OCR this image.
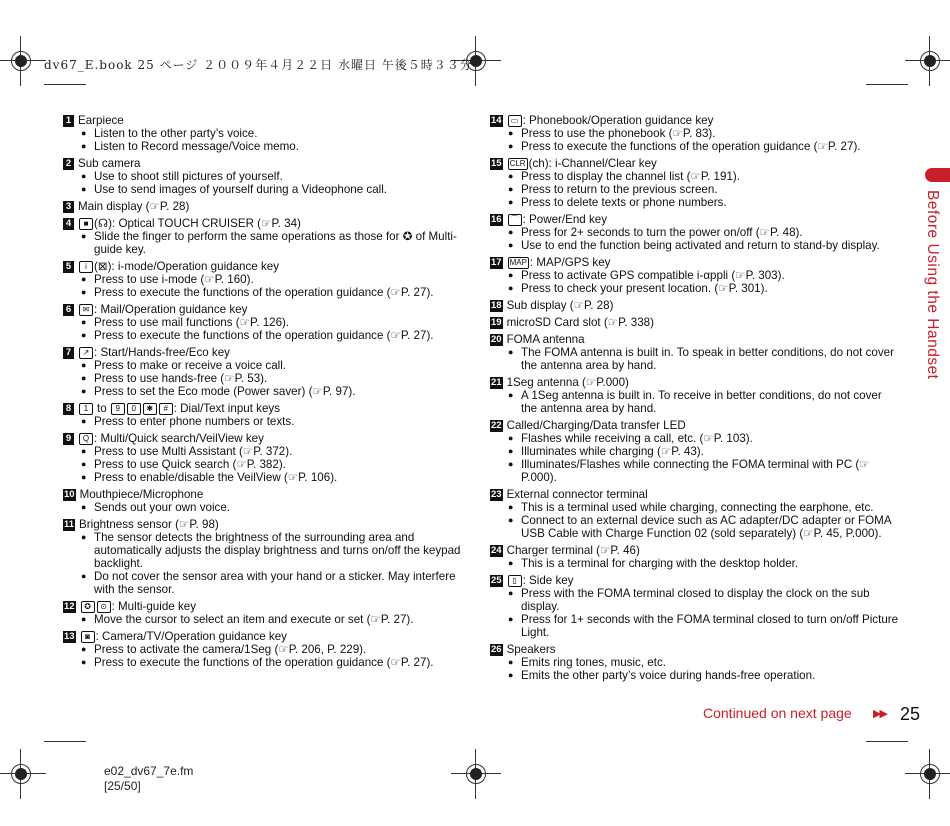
dv67_E.book 25 ページ ２００９年４月２２日 水曜日 午後５時３３分
1 Earpiece
● Listen to the other party’s voice.
● Listen to Record message/Voice memo.
2 Sub camera
● Use to shoot still pictures of yourself.
● Use to send images of yourself during a Videophone call.
3 Main display (☞P. 28)
4	■ (☊): Optical TOUCH CRUISER (☞P. 34)
● Slide the finger to perform the same operations as those for ✪ of Multi-guide key.
5	i (⊠): i-mode/Operation guidance key
● Press to use i-mode (☞P. 160).
● Press to execute the functions of the operation guidance (☞P. 27).
6	✉ : Mail/Operation guidance key
● Press to use mail functions (☞P. 126).
● Press to execute the functions of the operation guidance (☞P. 27).
7	↗ : Start/Hands-free/Eco key
● Press to make or receive a voice call.
● Press to use hands-free (☞P. 53).
● Press to set the Eco mode (Power saver) (☞P. 97).
8	1 to	9	0	✱	# : Dial/Text input keys
● Press to enter phone numbers or texts.
9	Q : Multi/Quick search/VeilView key
● Press to use Multi Assistant (☞P. 372).
● Press to use Quick search (☞P. 382).
● Press to enable/disable the VeilView (☞P. 106).
10 Mouthpiece/Microphone
● Sends out your own voice.
11 Brightness sensor (☞P. 98)
● The sensor detects the brightness of the surrounding area and automatically adjusts the display brightness and turns on/off the keypad backlight.
● Do not cover the sensor area with your hand or a sticker. May interfere with the sensor.
12	✪	⊙ : Multi-guide key
● Move the cursor to select an item and execute or set (☞P. 27).
13	◙ : Camera/TV/Operation guidance key
● Press to activate the camera/1Seg (☞P. 206, P. 229).
● Press to execute the functions of the operation guidance (☞P. 27).
14	▭ : Phonebook/Operation guidance key
● Press to use the phonebook (☞P. 83).
● Press to execute the functions of the operation guidance (☞P. 27).
15 CLR (ch): i-Channel/Clear key
● Press to display the channel list (☞P. 191).
● Press to return to the previous screen.
● Press to delete texts or phone numbers.
16	⌒ : Power/End key
● Press for 2+ seconds to turn the power on/off (☞P. 48).
● Use to end the function being activated and return to stand-by display.
17 MAP : MAP/GPS key
● Press to activate GPS compatible i-αppli (☞P. 303).
● Press to check your present location. (☞P. 301).
18 Sub display (☞P. 28)
19 microSD Card slot (☞P. 338)
20 FOMA antenna
● The FOMA antenna is built in. To speak in better conditions, do not cover the antenna area by hand.
21 1Seg antenna (☞P.000)
● A 1Seg antenna is built in. To receive in better conditions, do not cover the antenna area by hand.
22 Called/Charging/Data transfer LED
● Flashes while receiving a call, etc. (☞P. 103).
● Illuminates while charging (☞P. 43).
● Illuminates/Flashes while connecting the FOMA terminal with PC (☞P.000).
23 External connector terminal
● This is a terminal used while charging, connecting the earphone, etc.
● Connect to an external device such as AC adapter/DC adapter or FOMA USB Cable with Charge Function 02 (sold separately) (☞P. 45, P.000).
24 Charger terminal (☞P. 46)
● This is a terminal for charging with the desktop holder.
25	▯ : Side key
● Press with the FOMA terminal closed to display the clock on the sub display.
● Press for 1+ seconds with the FOMA terminal closed to turn on/off Picture Light.
26 Speakers
● Emits ring tones, music, etc.
● Emits the other party’s voice during hands-free operation.
Before Using the Handset
Continued on next page ▶▶ 25
e02_dv67_7e.fm
[25/50]
